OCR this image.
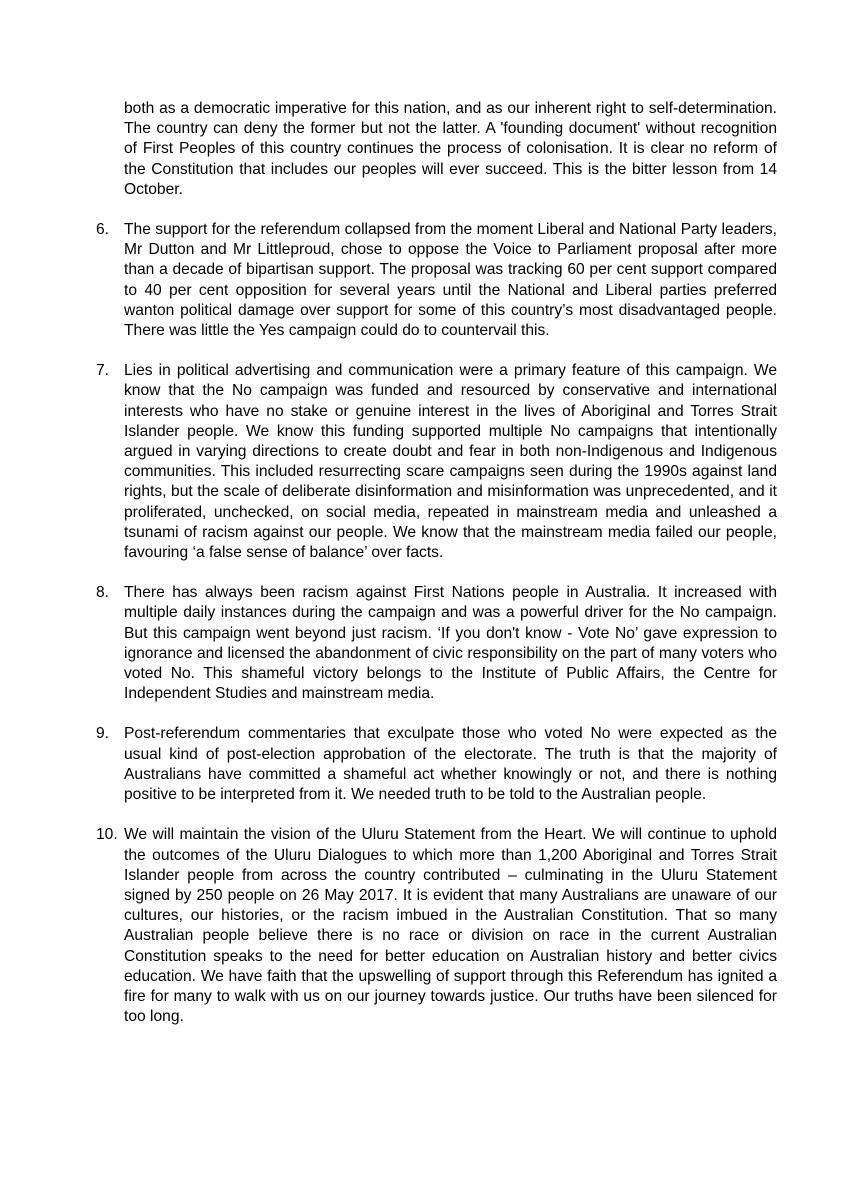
both as a democratic imperative for this nation, and as our inherent right to self-determination. The country can deny the former but not the latter. A 'founding document' without recognition of First Peoples of this country continues the process of colonisation. It is clear no reform of the Constitution that includes our peoples will ever succeed. This is the bitter lesson from 14 October.

6. The support for the referendum collapsed from the moment Liberal and National Party leaders, Mr Dutton and Mr Littleproud, chose to oppose the Voice to Parliament proposal after more than a decade of bipartisan support. The proposal was tracking 60 per cent support compared to 40 per cent opposition for several years until the National and Liberal parties preferred wanton political damage over support for some of this country’s most disadvantaged people. There was little the Yes campaign could do to countervail this.

7. Lies in political advertising and communication were a primary feature of this campaign. We know that the No campaign was funded and resourced by conservative and international interests who have no stake or genuine interest in the lives of Aboriginal and Torres Strait Islander people. We know this funding supported multiple No campaigns that intentionally argued in varying directions to create doubt and fear in both non-Indigenous and Indigenous communities. This included resurrecting scare campaigns seen during the 1990s against land rights, but the scale of deliberate disinformation and misinformation was unprecedented, and it proliferated, unchecked, on social media, repeated in mainstream media and unleashed a tsunami of racism against our people. We know that the mainstream media failed our people, favouring ‘a false sense of balance’ over facts.

8. There has always been racism against First Nations people in Australia. It increased with multiple daily instances during the campaign and was a powerful driver for the No campaign. But this campaign went beyond just racism. ‘If you don't know - Vote No’ gave expression to ignorance and licensed the abandonment of civic responsibility on the part of many voters who voted No. This shameful victory belongs to the Institute of Public Affairs, the Centre for Independent Studies and mainstream media.

9. Post-referendum commentaries that exculpate those who voted No were expected as the usual kind of post-election approbation of the electorate. The truth is that the majority of Australians have committed a shameful act whether knowingly or not, and there is nothing positive to be interpreted from it. We needed truth to be told to the Australian people.

10. We will maintain the vision of the Uluru Statement from the Heart. We will continue to uphold the outcomes of the Uluru Dialogues to which more than 1,200 Aboriginal and Torres Strait Islander people from across the country contributed – culminating in the Uluru Statement signed by 250 people on 26 May 2017. It is evident that many Australians are unaware of our cultures, our histories, or the racism imbued in the Australian Constitution. That so many Australian people believe there is no race or division on race in the current Australian Constitution speaks to the need for better education on Australian history and better civics education. We have faith that the upswelling of support through this Referendum has ignited a fire for many to walk with us on our journey towards justice. Our truths have been silenced for too long.
